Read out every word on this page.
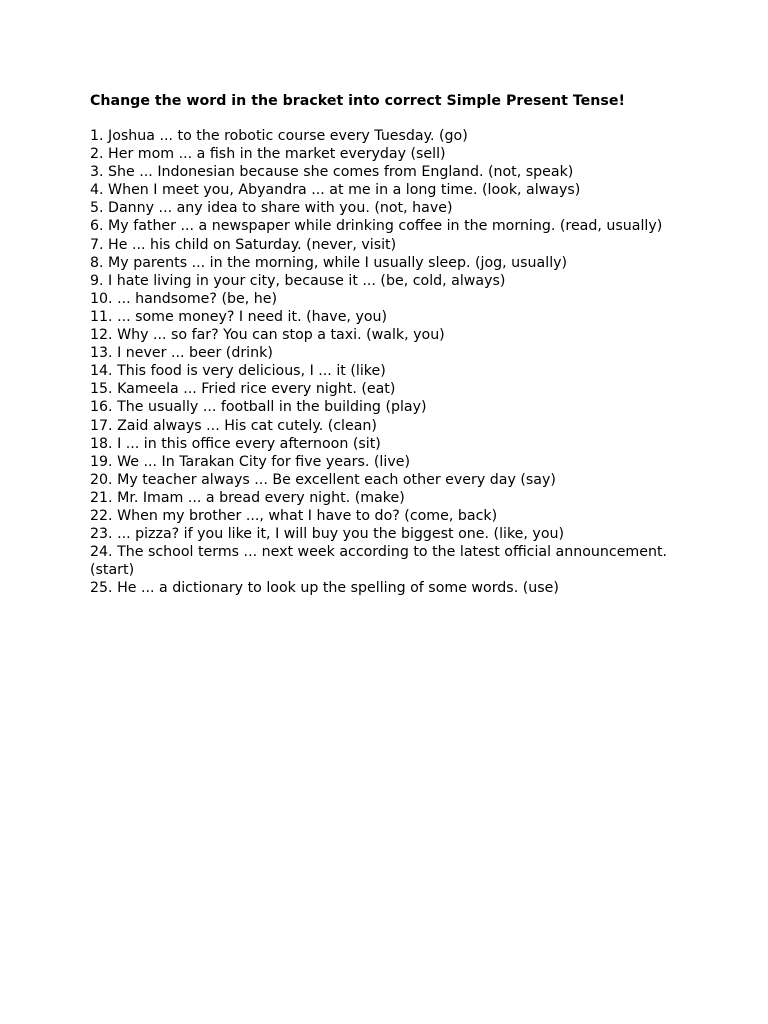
Change the word in the bracket into correct Simple Present Tense!

1. Joshua ... to the robotic course every Tuesday. (go)
2. Her mom ... a fish in the market everyday (sell)
3. She ... Indonesian because she comes from England. (not, speak)
4. When I meet you, Abyandra ... at me in a long time. (look, always)
5. Danny ... any idea to share with you. (not, have)
6. My father ... a newspaper while drinking coffee in the morning. (read, usually)
7. He ... his child on Saturday. (never, visit)
8. My parents ... in the morning, while I usually sleep. (jog, usually)
9. I hate living in your city, because it ... (be, cold, always)
10. ... handsome? (be, he)
11. ... some money? I need it. (have, you)
12. Why ... so far? You can stop a taxi. (walk, you)
13. I never ... beer (drink)
14. This food is very delicious, I ... it (like)
15. Kameela ... Fried rice every night. (eat)
16. The usually ... football in the building (play)
17. Zaid always ... His cat cutely. (clean)
18. I ... in this office every afternoon (sit)
19. We ... In Tarakan City for five years. (live)
20. My teacher always ... Be excellent each other every day (say)
21. Mr. Imam ... a bread every night. (make)
22. When my brother ..., what I have to do? (come, back)
23. ... pizza? if you like it, I will buy you the biggest one. (like, you)
24. The school terms ... next week according to the latest official announcement. (start)
25. He ... a dictionary to look up the spelling of some words. (use)
